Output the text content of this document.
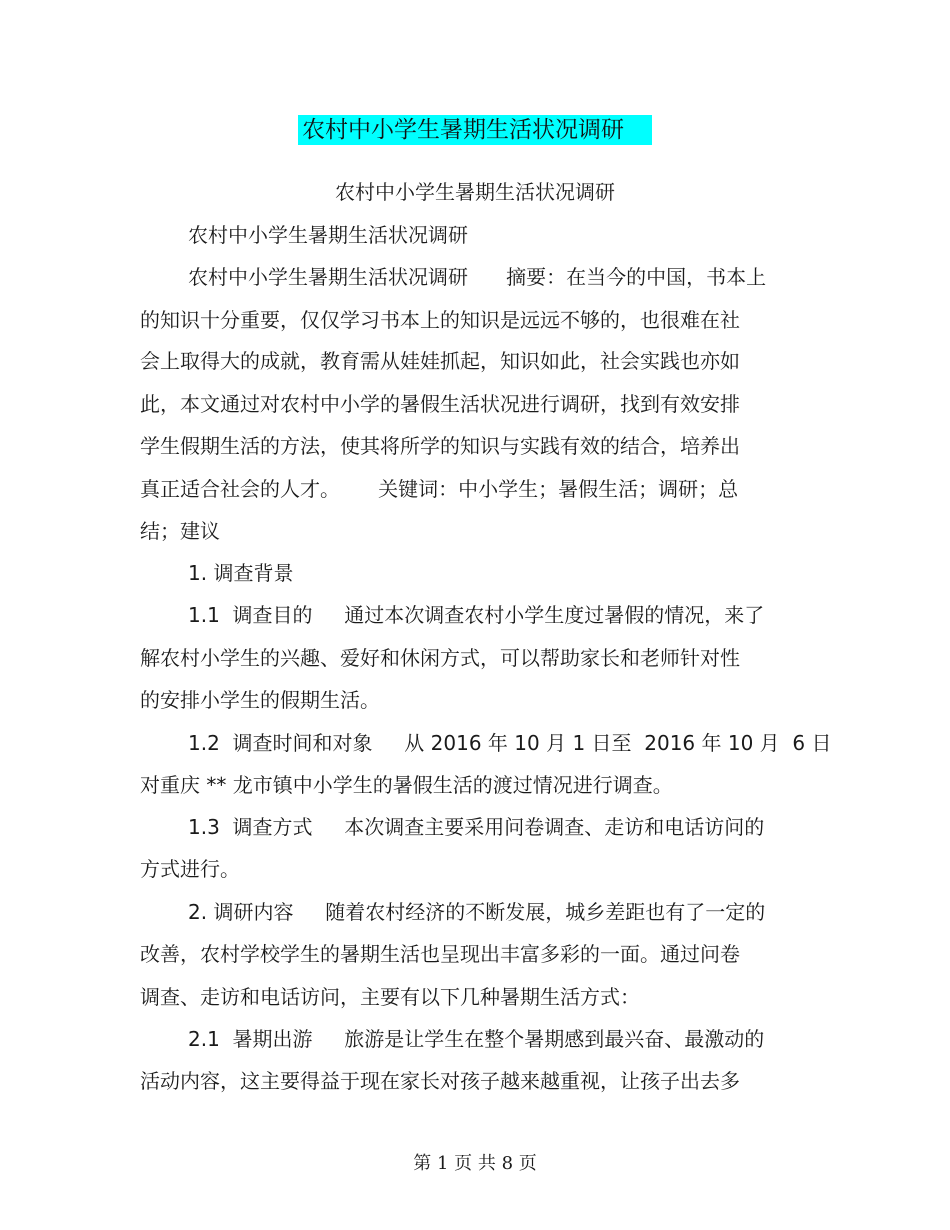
农村中小学生暑期生活状况调研
农村中小学生暑期生活状况调研
农村中小学生暑期生活状况调研
农村中小学生暑期生活状况调研      摘要：在当今的中国，书本上
的知识十分重要，仅仅学习书本上的知识是远远不够的，也很难在社
会上取得大的成就，教育需从娃娃抓起，知识如此，社会实践也亦如
此，本文通过对农村中小学的暑假生活状况进行调研，找到有效安排
学生假期生活的方法，使其将所学的知识与实践有效的结合，培养出
真正适合社会的人才。      关键词：中小学生；暑假生活；调研；总
结；建议
1. 调查背景
1.1  调查目的     通过本次调查农村小学生度过暑假的情况，来了
解农村小学生的兴趣、爱好和休闲方式，可以帮助家长和老师针对性
的安排小学生的假期生活。
1.2  调查时间和对象     从 2016 年 10 月 1 日至  2016 年 10 月  6 日
对重庆 ** 龙市镇中小学生的暑假生活的渡过情况进行调查。
1.3  调查方式     本次调查主要采用问卷调查、走访和电话访问的
方式进行。
2. 调研内容     随着农村经济的不断发展，城乡差距也有了一定的
改善，农村学校学生的暑期生活也呈现出丰富多彩的一面。通过问卷
调查、走访和电话访问，主要有以下几种暑期生活方式：
2.1  暑期出游     旅游是让学生在整个暑期感到最兴奋、最激动的
活动内容，这主要得益于现在家长对孩子越来越重视，让孩子出去多
第 1 页 共 8 页
